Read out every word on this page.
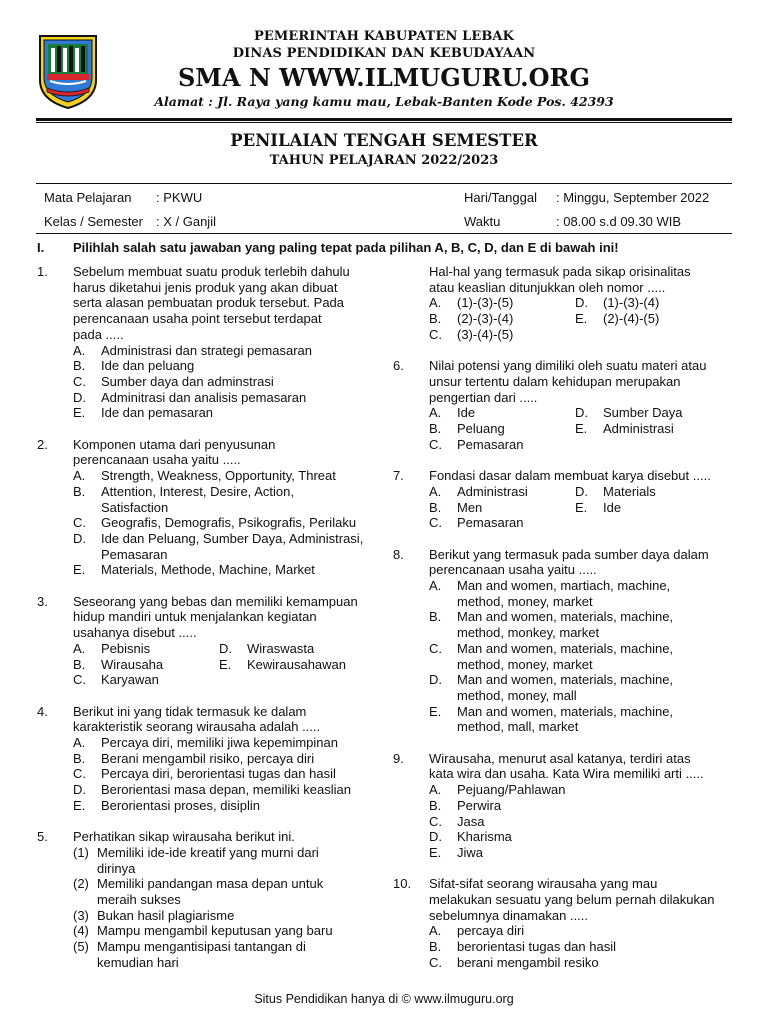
PEMERINTAH KABUPATEN LEBAK
DINAS PENDIDIKAN DAN KEBUDAYAAN
SMA N WWW.ILMUGURU.ORG
Alamat : Jl. Raya yang kamu mau, Lebak-Banten Kode Pos. 42393
PENILAIAN TENGAH SEMESTER
TAHUN PELAJARAN 2022/2023
Mata Pelajaran : PKWU
Kelas / Semester : X / Ganjil
Hari/Tanggal : Minggu, September 2022
Waktu	: 08.00 s.d 09.30 WIB
I. Pilihlah salah satu jawaban yang paling tepat pada pilihan A, B, C, D, dan E di bawah ini!
1. Sebelum membuat suatu produk terlebih dahulu
harus diketahui jenis produk yang akan dibuat
serta alasan pembuatan produk tersebut. Pada
perencanaan usaha point tersebut terdapat
pada .....
A.	Administrasi dan strategi pemasaran
B.	Ide dan peluang
C.	Sumber daya dan adminstrasi
D.	Adminitrasi dan analisis pemasaran
E.	Ide dan pemasaran
2. Komponen utama dari penyusunan
perencanaan usaha yaitu .....
A.	Strength, Weakness, Opportunity, Threat
B.	Attention, Interest, Desire, Action,
Satisfaction
C.	Geografis, Demografis, Psikografis, Perilaku
D.	Ide dan Peluang, Sumber Daya, Administrasi,
Pemasaran
E.	Materials, Methode, Machine, Market
3. Seseorang yang bebas dan memiliki kemampuan
hidup mandiri untuk menjalankan kegiatan
usahanya disebut .....
A.	Pebisnis	D.	Wiraswasta
B.	Wirausaha	E.	Kewirausahawan
C.	Karyawan
4. Berikut ini yang tidak termasuk ke dalam
karakteristik seorang wirausaha adalah .....
A.	Percaya diri, memiliki jiwa kepemimpinan
B.	Berani mengambil risiko, percaya diri
C.	Percaya diri, berorientasi tugas dan hasil
D.	Berorientasi masa depan, memiliki keaslian
E.	Berorientasi proses, disiplin
5. Perhatikan sikap wirausaha berikut ini.
(1) Memiliki ide-ide kreatif yang murni dari
dirinya
(2) Memiliki pandangan masa depan untuk
meraih sukses
(3) Bukan hasil plagiarisme
(4) Mampu mengambil keputusan yang baru
(5) Mampu mengantisipasi tantangan di
kemudian hari
Hal-hal yang termasuk pada sikap orisinalitas
atau keaslian ditunjukkan oleh nomor .....
A.	(1)-(3)-(5)	D.	(1)-(3)-(4)
B.	(2)-(3)-(4)	E.	(2)-(4)-(5)
C.	(3)-(4)-(5)
6. Nilai potensi yang dimiliki oleh suatu materi atau
unsur tertentu dalam kehidupan merupakan
pengertian dari .....
A.	Ide	D.	Sumber Daya
B.	Peluang	E.	Administrasi
C.	Pemasaran
7. Fondasi dasar dalam membuat karya disebut .....
A.	Administrasi	D.	Materials
B.	Men	E.	Ide
C.	Pemasaran
8. Berikut yang termasuk pada sumber daya dalam
perencanaan usaha yaitu .....
A.	Man and women, martiach, machine,
method, money, market
B.	Man and women, materials, machine,
method, monkey, market
C.	Man and women, materials, machine,
method, money, market
D.	Man and women, materials, machine,
method, money, mall
E.	Man and women, materials, machine,
method, mall, market
9. Wirausaha, menurut asal katanya, terdiri atas
kata wira dan usaha. Kata Wira memiliki arti .....
A.	Pejuang/Pahlawan
B.	Perwira
C.	Jasa
D.	Kharisma
E.	Jiwa
10. Sifat-sifat seorang wirausaha yang mau
melakukan sesuatu yang belum pernah dilakukan
sebelumnya dinamakan .....
A.	percaya diri
B.	berorientasi tugas dan hasil
C.	berani mengambil resiko
Situs Pendidikan hanya di © www.ilmuguru.org
